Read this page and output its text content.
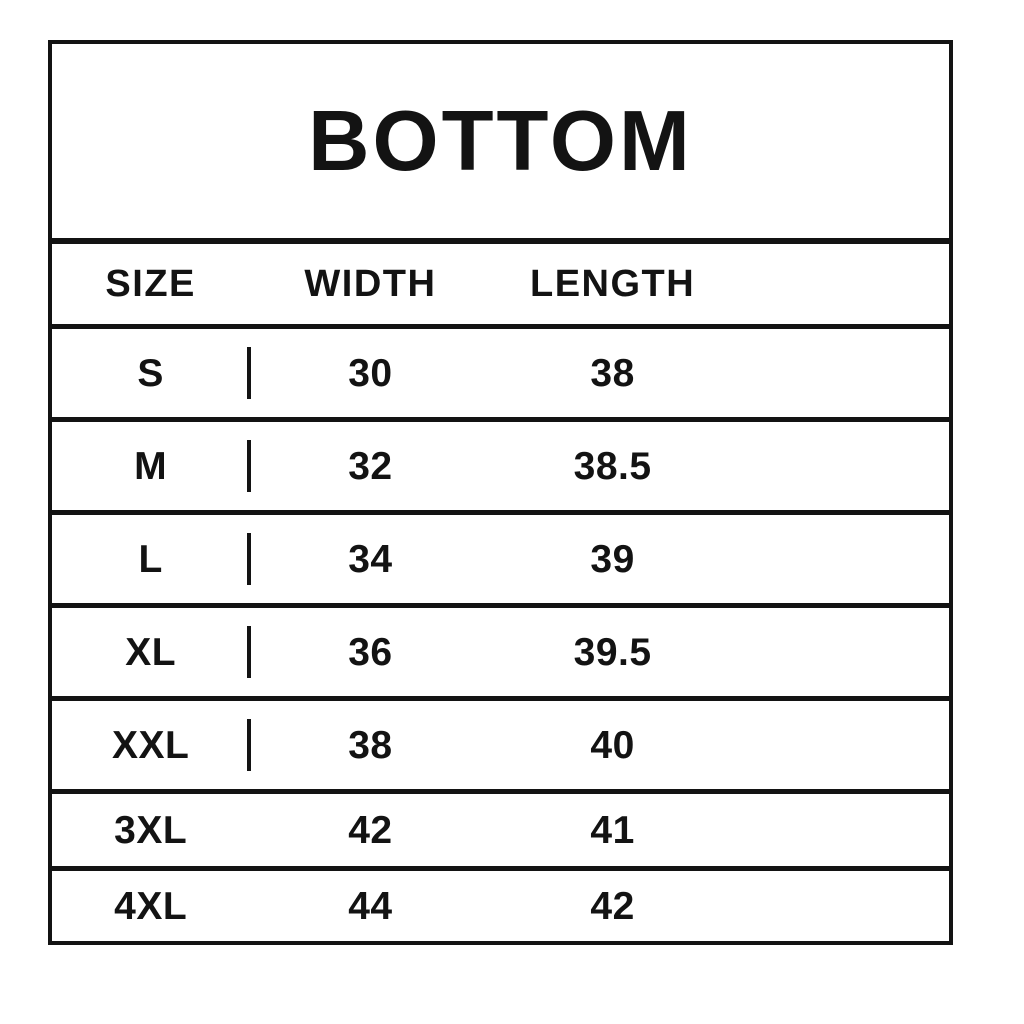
BOTTOM
SIZE	WIDTH	LENGTH
S	30	38
M	32	38.5
L	34	39
XL	36	39.5
XXL	38	40
3XL	42	41
4XL	44	42
